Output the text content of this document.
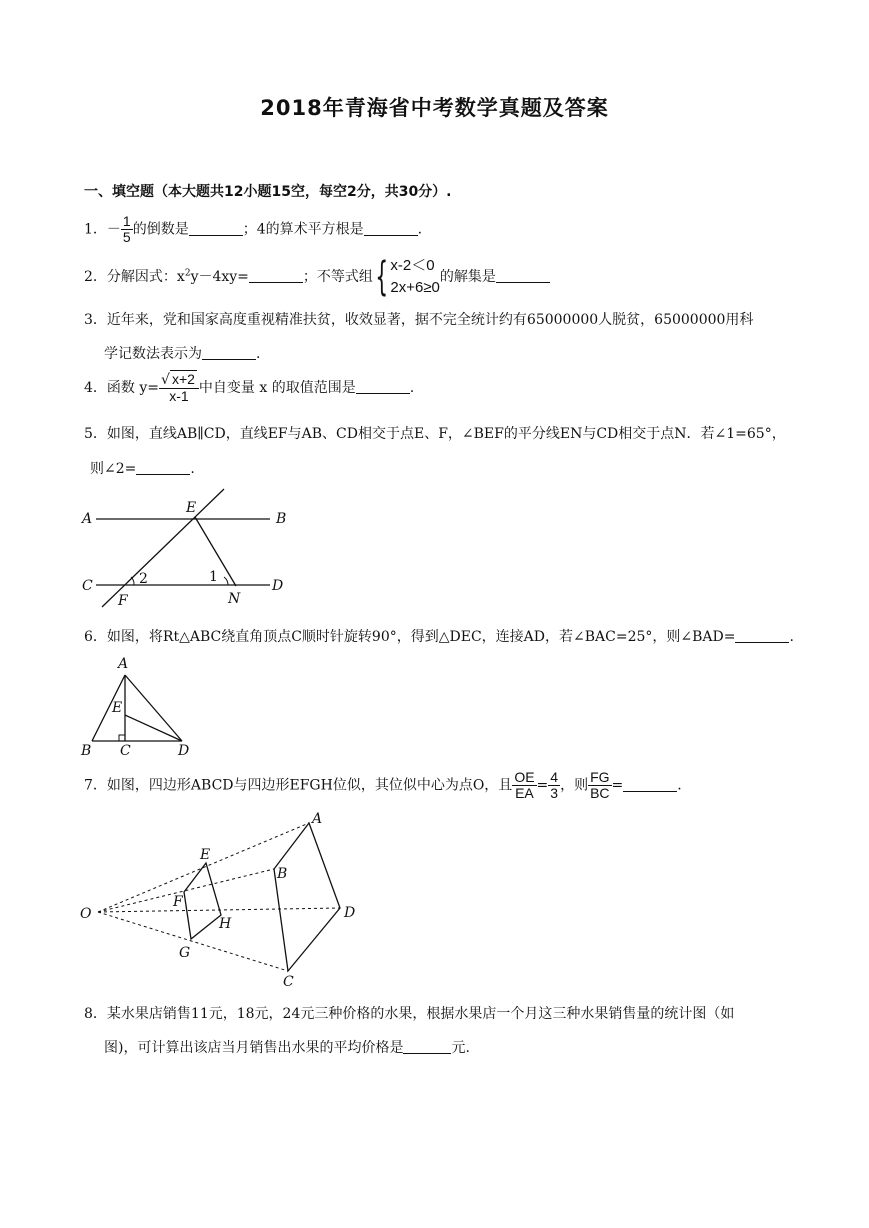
2018年青海省中考数学真题及答案
一、填空题（本大题共12小题15空，每空2分，共30分）.
1．－ $\frac{1}{5}$ 的倒数是	；4的算术平方根是	.
2．分解因式：$x^2y-4xy=$	；不等式组{ x-2＜0
2x+6≥0
的解集是
3．近年来，党和国家高度重视精准扶贫，收效显著，据不完全统计约有65000000人脱贫，65000000用科
学记数法表示为	.
4．函数 $y= \frac{√ x+2}{x-1}$ 中自变量 x 的取值范围是	.
5．如图，直线AB∥CD，直线EF与AB、CD相交于点E、F，∠BEF的平分线EN与CD相交于点N．若∠1=65°，
则∠2=	.
A	B
C	D
E
F	N
1
2
6．如图，将Rt△ABC绕直角顶点C顺时针旋转90°，得到△DEC，连接AD，若∠BAC=25°，则∠BAD=	.
A
B C	D
E
7．如图，四边形ABCD与四边形EFGH位似，其位似中心为点O，且 $\frac{OE}{EA} = \frac{4}{3}$ ，则 $\frac{FG}{BC}$ =	.
O
A
B
C
D
E
F
G
H
8．某水果店销售11元，18元，24元三种价格的水果，根据水果店一个月这三种水果销售量的统计图（如
图)，可计算出该店当月销售出水果的平均价格是	元.
